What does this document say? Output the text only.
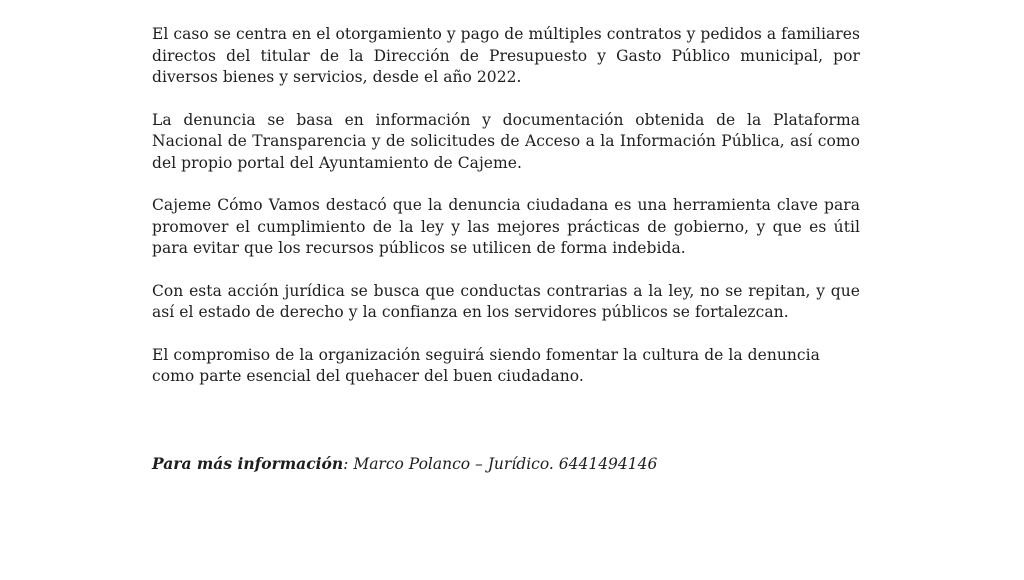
El caso se centra en el otorgamiento y pago de múltiples contratos y pedidos a familiares directos del titular de la Dirección de Presupuesto y Gasto Público municipal, por diversos bienes y servicios, desde el año 2022.

La denuncia se basa en información y documentación obtenida de la Plataforma Nacional de Transparencia y de solicitudes de Acceso a la Información Pública, así como del propio portal del Ayuntamiento de Cajeme.

Cajeme Cómo Vamos destacó que la denuncia ciudadana es una herramienta clave para promover el cumplimiento de la ley y las mejores prácticas de gobierno, y que es útil para evitar que los recursos públicos se utilicen de forma indebida.

Con esta acción jurídica se busca que conductas contrarias a la ley, no se repitan, y que así el estado de derecho y la confianza en los servidores públicos se fortalezcan.

El compromiso de la organización seguirá siendo fomentar la cultura de la denuncia como parte esencial del quehacer del buen ciudadano.

Para más información: Marco Polanco – Jurídico. 6441494146
